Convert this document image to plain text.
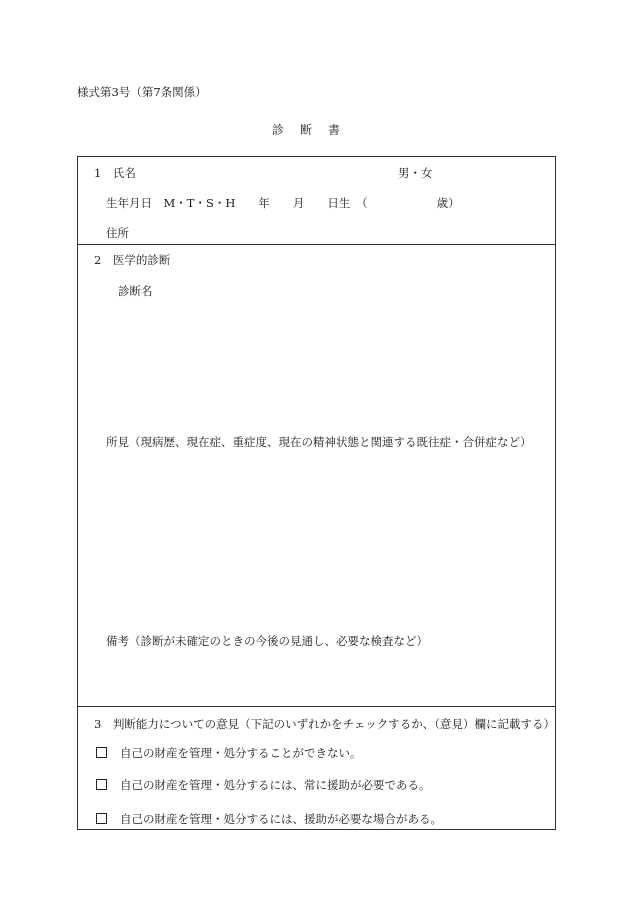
様式第3号（第7条関係）
診　断　書
1　氏名	男・女
生年月日　M・T・S・H　　年　　月　　日生　（　　　　　　歳）
住所
2　医学的診断
診断名
所見（現病歴、現在症、重症度、現在の精神状態と関連する既往症・合併症など）
備考（診断が未確定のときの今後の見通し、必要な検査など）
3　判断能力についての意見（下記のいずれかをチェックするか、（意見）欄に記載する）
自己の財産を管理・処分することができない。
自己の財産を管理・処分するには、常に援助が必要である。
自己の財産を管理・処分するには、援助が必要な場合がある。
